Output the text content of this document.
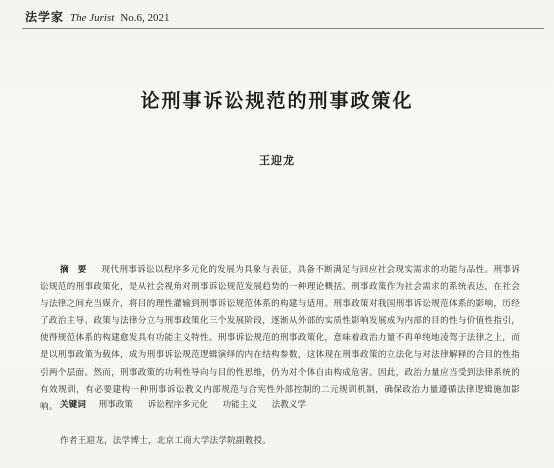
法学家 The Jurist No.6, 2021
论刑事诉讼规范的刑事政策化
王迎龙
摘 要 现代刑事诉讼以程序多元化的发展为具象与表征，具备不断满足与回应社会现实需求的功能与品性。刑事诉讼规范的刑事政策化，是从社会视角对刑事诉讼规范发展趋势的一种理论概括。刑事政策作为社会需求的系统表达，在社会与法律之间充当媒介，将目的理性灌输到刑事诉讼规范体系的构建与适用。刑事政策对我国刑事诉讼规范体系的影响，历经了政治主导、政策与法律分立与刑事政策化三个发展阶段，逐渐从外部的实质性影响发展成为内部的目的性与价值性指引，使得规范体系的构建愈发具有功能主义特性。刑事诉讼规范的刑事政策化，意味着政治力量不再单纯地凌驾于法律之上，而是以刑事政策为载体，成为刑事诉讼规范逻辑演绎的内在结构参数，这体现在刑事政策的立法化与对法律解释的合目的性指引两个层面。然而，刑事政策的功利性导向与目的性思维，仍为对个体自由构成危害。因此，政治力量应当受到法律系统的有效规训，有必要建构一种刑事诉讼教义内部规范与合宪性外部控制的二元规训机制，确保政治力量遵循法律逻辑施加影响。 关键词 刑事政策 诉讼程序多元化 功能主义 法教义学
作者王迎龙，法学博士，北京工商大学法学院副教授。
